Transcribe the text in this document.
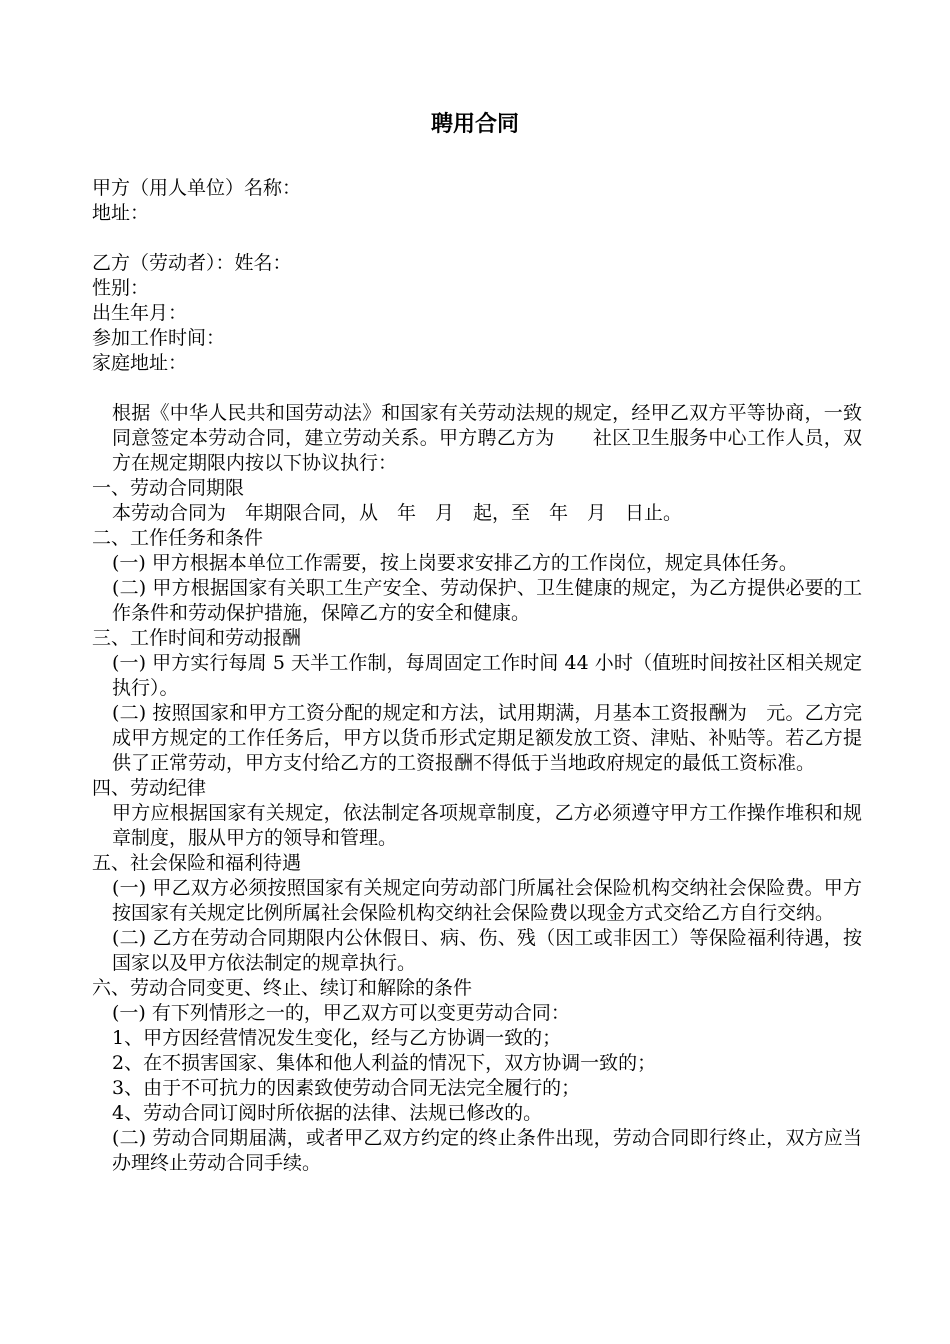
聘用合同
甲方（用人单位）名称：
地址：
乙方（劳动者）：姓名：
性别：
出生年月：
参加工作时间：
家庭地址：
根据《中华人民共和国劳动法》和国家有关劳动法规的规定，经甲乙双方平等协商，一致同意签定本劳动合同，建立劳动关系。甲方聘乙方为　　社区卫生服务中心工作人员，双方在规定期限内按以下协议执行：
一、劳动合同期限
本劳动合同为　年期限合同，从　年　月　起，至　年　月　日止。
二、工作任务和条件
(一) 甲方根据本单位工作需要，按上岗要求安排乙方的工作岗位，规定具体任务。
(二) 甲方根据国家有关职工生产安全、劳动保护、卫生健康的规定，为乙方提供必要的工作条件和劳动保护措施，保障乙方的安全和健康。
三、工作时间和劳动报酬
(一) 甲方实行每周 5 天半工作制，每周固定工作时间 44 小时（值班时间按社区相关规定执行）。
(二) 按照国家和甲方工资分配的规定和方法，试用期满，月基本工资报酬为　元。乙方完成甲方规定的工作任务后，甲方以货币形式定期足额发放工资、津贴、补贴等。若乙方提供了正常劳动，甲方支付给乙方的工资报酬不得低于当地政府规定的最低工资标准。
四、劳动纪律
甲方应根据国家有关规定，依法制定各项规章制度，乙方必须遵守甲方工作操作堆积和规章制度，服从甲方的领导和管理。
五、社会保险和福利待遇
(一) 甲乙双方必须按照国家有关规定向劳动部门所属社会保险机构交纳社会保险费。甲方按国家有关规定比例所属社会保险机构交纳社会保险费以现金方式交给乙方自行交纳。
(二) 乙方在劳动合同期限内公休假日、病、伤、残（因工或非因工）等保险福利待遇，按国家以及甲方依法制定的规章执行。
六、劳动合同变更、终止、续订和解除的条件
(一) 有下列情形之一的，甲乙双方可以变更劳动合同：
1、甲方因经营情况发生变化，经与乙方协调一致的；
2、在不损害国家、集体和他人利益的情况下，双方协调一致的；
3、由于不可抗力的因素致使劳动合同无法完全履行的；
4、劳动合同订阅时所依据的法律、法规已修改的。
(二) 劳动合同期届满，或者甲乙双方约定的终止条件出现，劳动合同即行终止，双方应当办理终止劳动合同手续。
